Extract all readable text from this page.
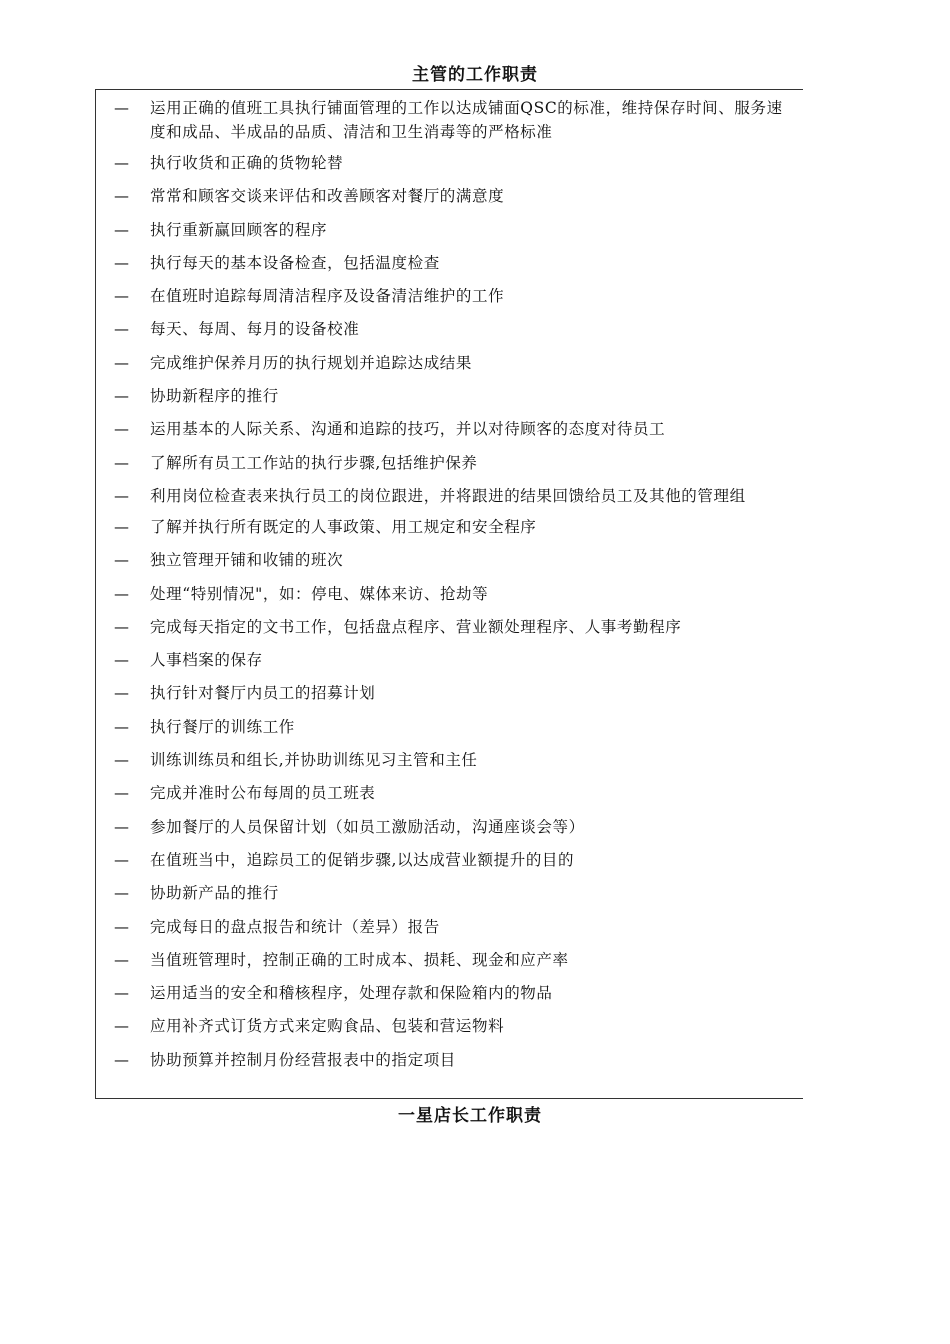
主管的工作职责
— 运用正确的值班工具执行铺面管理的工作以达成铺面QSC的标准，维持保存时间、服务速度和成品、半成品的品质、清洁和卫生消毒等的严格标准
— 执行收货和正确的货物轮替
— 常常和顾客交谈来评估和改善顾客对餐厅的满意度
— 执行重新赢回顾客的程序
— 执行每天的基本设备检查，包括温度检查
— 在值班时追踪每周清洁程序及设备清洁维护的工作
— 每天、每周、每月的设备校准
— 完成维护保养月历的执行规划并追踪达成结果
— 协助新程序的推行
— 运用基本的人际关系、沟通和追踪的技巧，并以对待顾客的态度对待员工
— 了解所有员工工作站的执行步骤,包括维护保养
— 利用岗位检查表来执行员工的岗位跟进，并将跟进的结果回馈给员工及其他的管理组
— 了解并执行所有既定的人事政策、用工规定和安全程序
— 独立管理开铺和收铺的班次
— 处理“特别情况"，如：停电、媒体来访、抢劫等
— 完成每天指定的文书工作，包括盘点程序、营业额处理程序、人事考勤程序
— 人事档案的保存
— 执行针对餐厅内员工的招募计划
— 执行餐厅的训练工作
— 训练训练员和组长,并协助训练见习主管和主任
— 完成并准时公布每周的员工班表
— 参加餐厅的人员保留计划（如员工激励活动，沟通座谈会等）
— 在值班当中，追踪员工的促销步骤,以达成营业额提升的目的
— 协助新产品的推行
— 完成每日的盘点报告和统计（差异）报告
— 当值班管理时，控制正确的工时成本、损耗、现金和应产率
— 运用适当的安全和稽核程序，处理存款和保险箱内的物品
— 应用补齐式订货方式来定购食品、包装和营运物料
— 协助预算并控制月份经营报表中的指定项目
一星店长工作职责
